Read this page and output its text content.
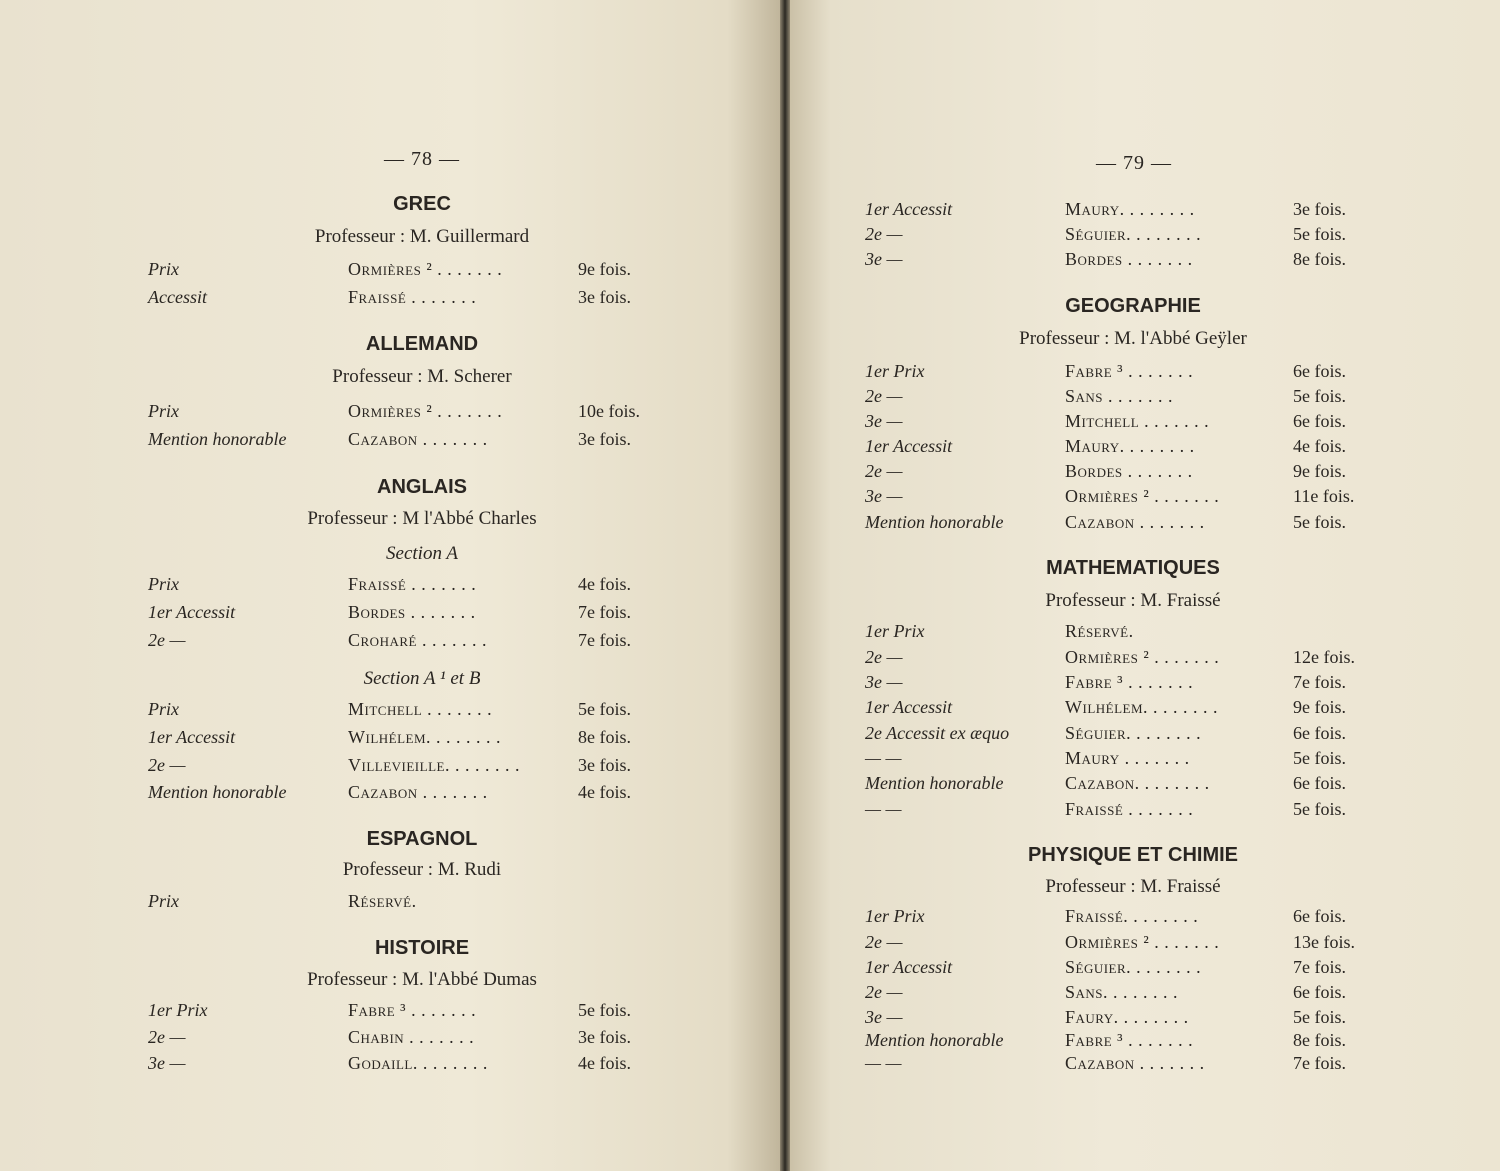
— 78 —
GREC
Professeur : M. Guillermard
Prix	Ormières ² . . . . . . .	9e fois.
Accessit	Fraissé . . . . . . .	3e fois.
ALLEMAND
Professeur : M. Scherer
Prix	Ormières ² . . . . . . .	10e fois.
Mention honorable	Cazabon . . . . . . .	3e fois.
ANGLAIS
Professeur : M l'Abbé Charles
Section A
Prix	Fraissé . . . . . . .	4e fois.
1er Accessit	Bordes . . . . . . .	7e fois.
2e —	Croharé . . . . . . .	7e fois.
Section A ¹ et B
Prix	Mitchell . . . . . . .	5e fois.
1er Accessit	Wilhélem. . . . . . . .	8e fois.
2e —	Villevieille. . . . . . . .	3e fois.
Mention honorable	Cazabon . . . . . . .	4e fois.
ESPAGNOL
Professeur : M. Rudi
Prix	Réservé.
HISTOIRE
Professeur : M. l'Abbé Dumas
1er Prix	Fabre ³ . . . . . . .	5e fois.
2e —	Chabin . . . . . . .	3e fois.
3e —	Godaill. . . . . . . .	4e fois.
— 79 —
1er Accessit	Maury. . . . . . . .	3e fois.
2e —	Séguier. . . . . . . .	5e fois.
3e —	Bordes . . . . . . .	8e fois.
GEOGRAPHIE
Professeur : M. l'Abbé Geÿler
1er Prix	Fabre ³ . . . . . . .	6e fois.
2e —	Sans . . . . . . .	5e fois.
3e —	Mitchell . . . . . . .	6e fois.
1er Accessit	Maury. . . . . . . .	4e fois.
2e —	Bordes . . . . . . .	9e fois.
3e —	Ormières ² . . . . . . .	11e fois.
Mention honorable	Cazabon . . . . . . .	5e fois.
MATHEMATIQUES
Professeur : M. Fraissé
1er Prix	Réservé.
2e —	Ormières ² . . . . . . .	12e fois.
3e —	Fabre ³ . . . . . . .	7e fois.
1er Accessit	Wilhélem. . . . . . . .	9e fois.
2e Accessit ex æquo	Séguier. . . . . . . .	6e fois.
— —	Maury . . . . . . .	5e fois.
Mention honorable	Cazabon. . . . . . . .	6e fois.
— —	Fraissé . . . . . . .	5e fois.
PHYSIQUE ET CHIMIE
Professeur : M. Fraissé
1er Prix	Fraissé. . . . . . . .	6e fois.
2e —	Ormières ² . . . . . . .	13e fois.
1er Accessit	Séguier. . . . . . . .	7e fois.
2e —	Sans. . . . . . . .	6e fois.
3e —	Faury. . . . . . . .	5e fois.
Mention honorable	Fabre ³ . . . . . . .	8e fois.
— —	Cazabon . . . . . . .	7e fois.
